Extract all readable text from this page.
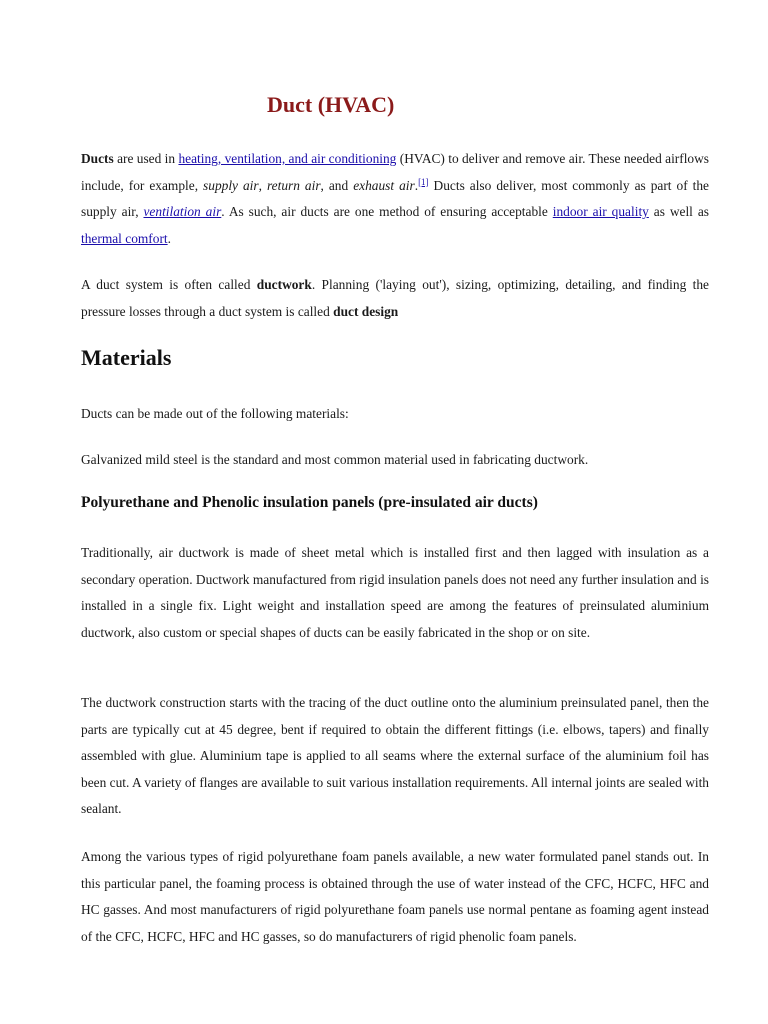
Duct (HVAC)

Ducts are used in heating, ventilation, and air conditioning (HVAC) to deliver and remove air. These needed airflows include, for example, supply air, return air, and exhaust air.[1] Ducts also deliver, most commonly as part of the supply air, ventilation air. As such, air ducts are one method of ensuring acceptable indoor air quality as well as thermal comfort.

A duct system is often called ductwork. Planning ('laying out'), sizing, optimizing, detailing, and finding the pressure losses through a duct system is called duct design

Materials

Ducts can be made out of the following materials:

Galvanized mild steel is the standard and most common material used in fabricating ductwork.

Polyurethane and Phenolic insulation panels (pre-insulated air ducts)

Traditionally, air ductwork is made of sheet metal which is installed first and then lagged with insulation as a secondary operation. Ductwork manufactured from rigid insulation panels does not need any further insulation and is installed in a single fix. Light weight and installation speed are among the features of preinsulated aluminium ductwork, also custom or special shapes of ducts can be easily fabricated in the shop or on site.

The ductwork construction starts with the tracing of the duct outline onto the aluminium preinsulated panel, then the parts are typically cut at 45 degree, bent if required to obtain the different fittings (i.e. elbows, tapers) and finally assembled with glue. Aluminium tape is applied to all seams where the external surface of the aluminium foil has been cut. A variety of flanges are available to suit various installation requirements. All internal joints are sealed with sealant.

Among the various types of rigid polyurethane foam panels available, a new water formulated panel stands out. In this particular panel, the foaming process is obtained through the use of water instead of the CFC, HCFC, HFC and HC gasses. And most manufacturers of rigid polyurethane foam panels use normal pentane as foaming agent instead of the CFC, HCFC, HFC and HC gasses, so do manufacturers of rigid phenolic foam panels.
